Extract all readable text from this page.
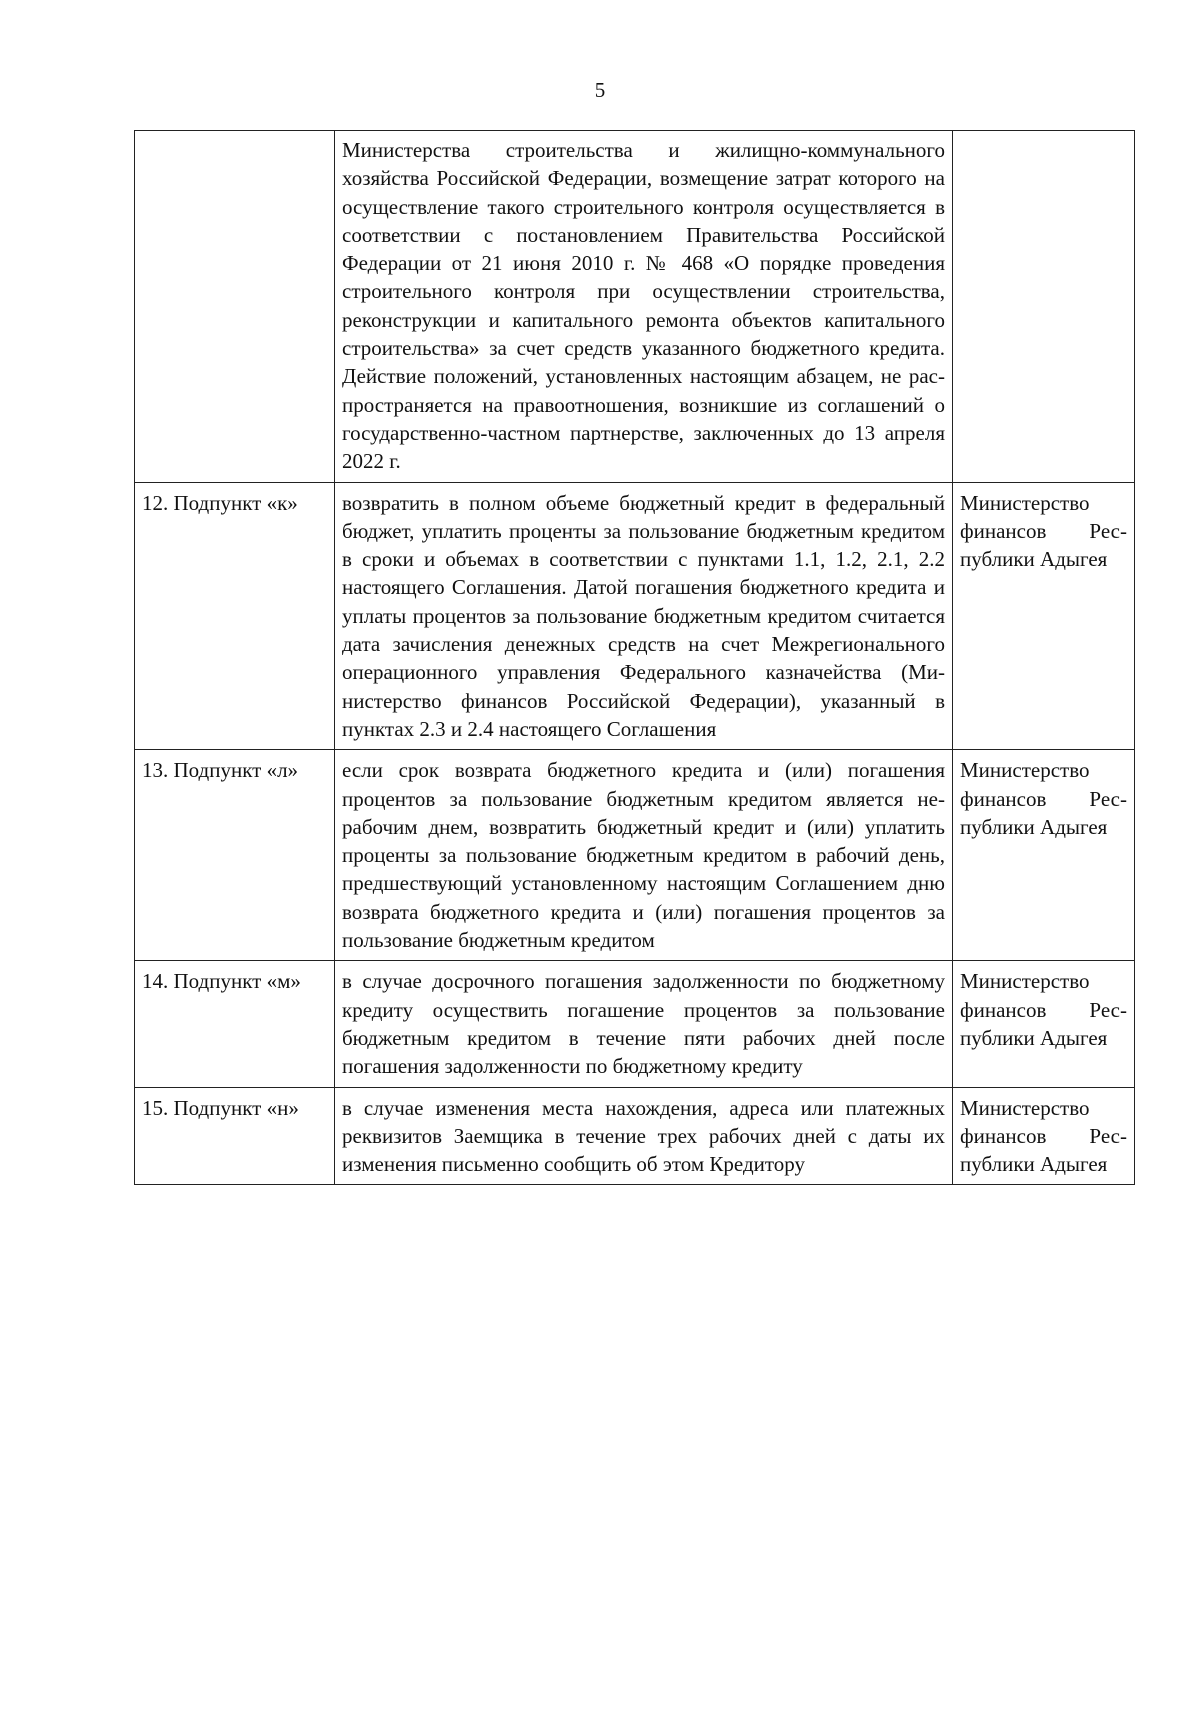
5
	Министерства строительства и жилищно-коммунального хозяйства Российской Федерации, возмещение затрат которого на осуществление такого строительного контроля осуществляется в соответствии с постановлением Правительства Российской Федерации от 21 июня 2010 г. № 468 «О порядке проведения строительного контроля при осуществлении строительства, реконструкции и капитального ремонта объектов капитального строительства» за счет средств указанного бюджетного кредита. Действие положений, установленных настоящим абзацем, не распространяется на правоотношения, возникшие из соглашений о государственно-частном партнерстве, заключенных до 13 апреля 2022 г.	
12. Подпункт «к»	возвратить в полном объеме бюджетный кредит в федеральный бюджет, уплатить проценты за пользование бюджетным кредитом в сроки и объемах в соответствии с пунктами 1.1, 1.2, 2.1, 2.2 настоящего Соглашения. Датой погашения бюджетного кредита и уплаты процентов за пользование бюджетным кредитом считается дата зачисления денежных средств на счет Межрегионального операционного управления Федерального казначейства (Министерство финансов Российской Федерации), указанный в пунктах 2.3 и 2.4 настоящего Соглашения	Министерство финансов Республики Адыгея
13. Подпункт «л»	если срок возврата бюджетного кредита и (или) погашения процентов за пользование бюджетным кредитом является нерабочим днем, возвратить бюджетный кредит и (или) уплатить проценты за пользование бюджетным кредитом в рабочий день, предшествующий установленному настоящим Соглашением дню возврата бюджетного кредита и (или) погашения процентов за пользование бюджетным кредитом	Министерство финансов Республики Адыгея
14. Подпункт «м»	в случае досрочного погашения задолженности по бюджетному кредиту осуществить погашение процентов за пользование бюджетным кредитом в течение пяти рабочих дней после погашения задолженности по бюджетному кредиту	Министерство финансов Республики Адыгея
15. Подпункт «н»	в случае изменения места нахождения, адреса или платежных реквизитов Заемщика в течение трех рабочих дней с даты их изменения письменно сообщить об этом Кредитору	Министерство финансов Республики Адыгея
